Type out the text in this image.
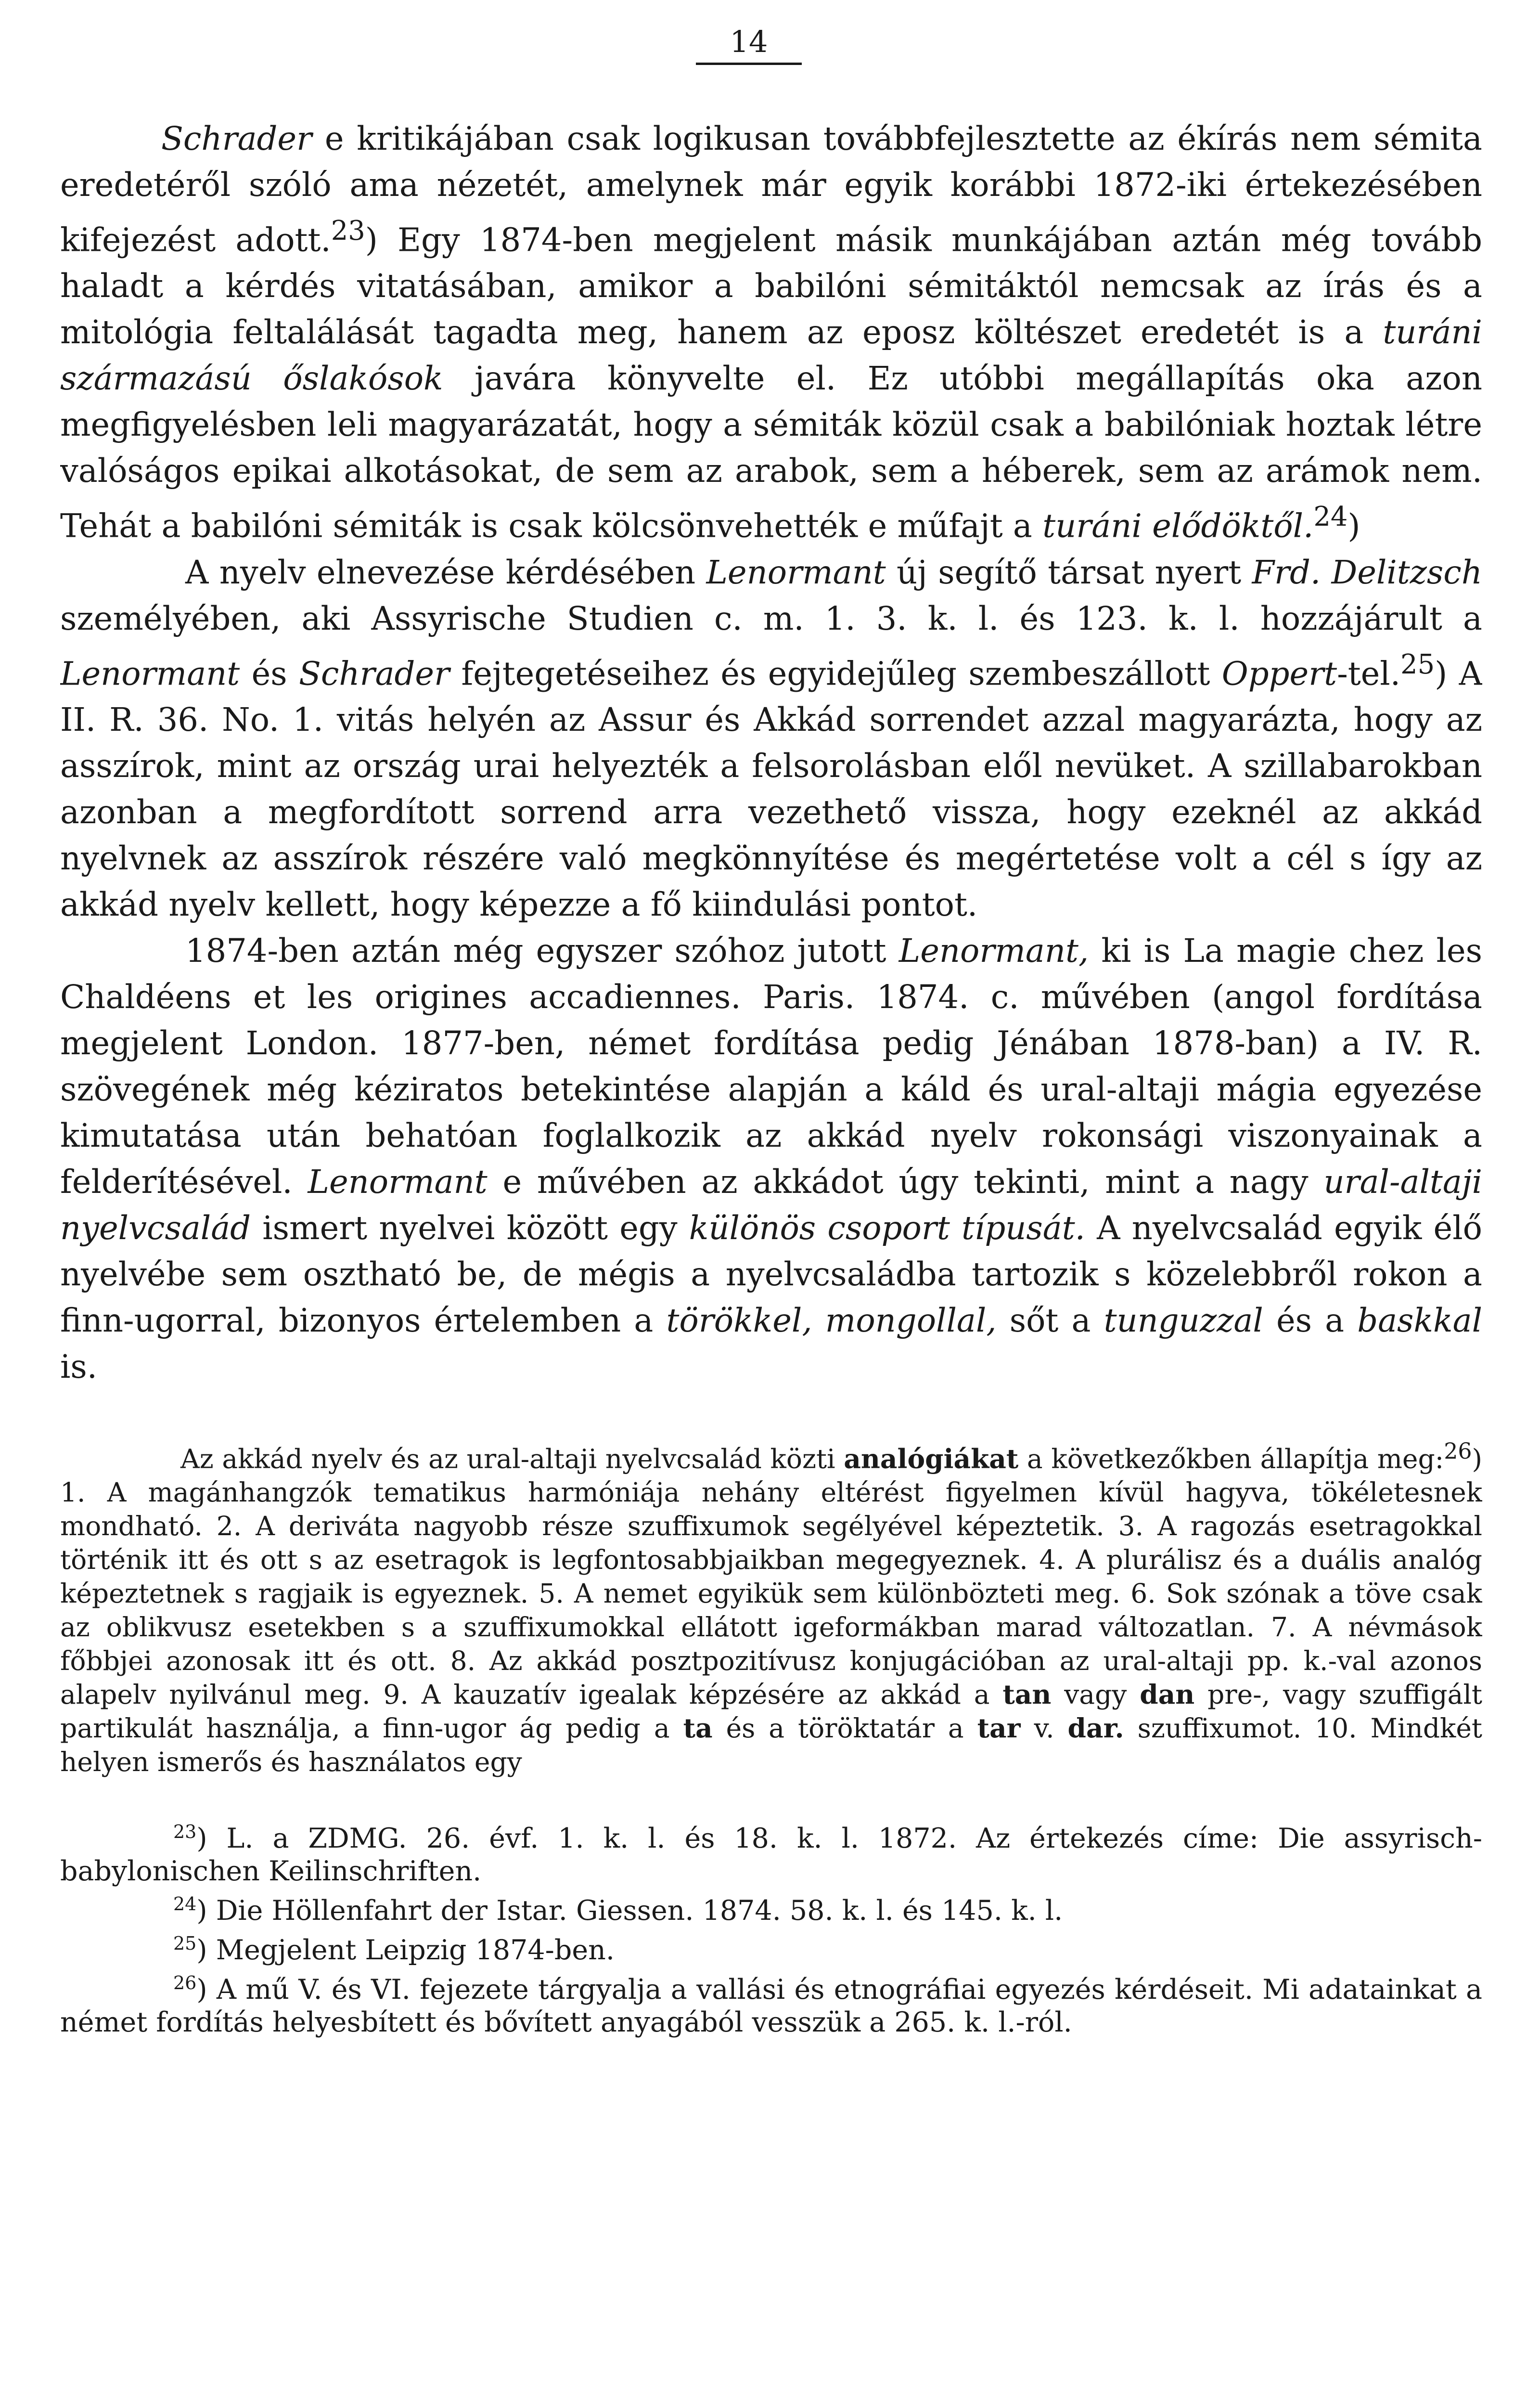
14

Schrader e kritikájában csak logikusan továbbfejlesztette az ékírás nem sémita eredetéről szóló ama nézetét, amelynek már egyik korábbi 1872-iki értekezésében kifejezést adott.$^{23}$) Egy 1874-ben megjelent másik munkájában aztán még tovább haladt a kérdés vitatásában, amikor a babilóni sémitáktól nemcsak az írás és a mitológia feltalálását tagadta meg, hanem az eposz költészet eredetét is a turáni származású őslakósok javára könyvelte el. Ez utóbbi megállapítás oka azon megfigyelésben leli magyarázatát, hogy a sémiták közül csak a babilóniak hoztak létre valóságos epikai alkotásokat, de sem az arabok, sem a héberek, sem az arámok nem. Tehát a babilóni sémiták is csak kölcsönvehették e műfajt a turáni elődöktől.$^{24}$)

A nyelv elnevezése kérdésében Lenormant új segítő társat nyert Frd. Delitzsch személyében, aki Assyrische Studien c. m. 1. 3. k. l. és 123. k. l. hozzájárult a Lenormant és Schrader fejtegetéseihez és egyidejűleg szembeszállott Oppert-tel.$^{25}$) A II. R. 36. No. 1. vitás helyén az Assur és Akkád sorrendet azzal magyarázta, hogy az asszírok, mint az ország urai helyezték a felsorolásban elől nevüket. A szillabarokban azonban a megfordított sorrend arra vezethető vissza, hogy ezeknél az akkád nyelvnek az asszírok részére való megkönnyítése és megértetése volt a cél s így az akkád nyelv kellett, hogy képezze a fő kiindulási pontot.

1874-ben aztán még egyszer szóhoz jutott Lenormant, ki is La magie chez les Chaldéens et les origines accadiennes. Paris. 1874. c. művében (angol fordítása megjelent London. 1877-ben, német fordítása pedig Jénában 1878-ban) a IV. R. szövegének még kéziratos betekintése alapján a káld és ural-altaji mágia egyezése kimutatása után behatóan foglalkozik az akkád nyelv rokonsági viszonyainak a felderítésével. Lenormant e művében az akkádot úgy tekinti, mint a nagy ural-altaji nyelvcsalád ismert nyelvei között egy különös csoport típusát. A nyelvcsalád egyik élő nyelvébe sem osztható be, de mégis a nyelvcsaládba tartozik s közelebbről rokon a finn-ugorral, bizonyos értelemben a törökkel, mongollal, sőt a tunguzzal és a baskkal is.

Az akkád nyelv és az ural-altaji nyelvcsalád közti analógiákat a következőkben állapítja meg:$^{26}$) 1. A magánhangzók tematikus harmóniája nehány eltérést figyelmen kívül hagyva, tökéletesnek mondható. 2. A deriváta nagyobb része szuffixumok segélyével képeztetik. 3. A ragozás esetragokkal történik itt és ott s az esetragok is legfontosabbjaikban megegyeznek. 4. A plurálisz és a duális analóg képeztetnek s ragjaik is egyeznek. 5. A nemet egyikük sem különbözteti meg. 6. Sok szónak a töve csak az oblikvusz esetekben s a szuffixumokkal ellátott igeformákban marad változatlan. 7. A névmások főbbjei azonosak itt és ott. 8. Az akkád posztpozitívusz konjugációban az ural-altaji pp. k.-val azonos alapelv nyilvánul meg. 9. A kauzatív igealak képzésére az akkád a tan vagy dan pre-, vagy szuffigált partikulát használja, a finn-ugor ág pedig a ta és a töröktatár a tar v. dar. szuffixumot. 10. Mindkét helyen ismerős és használatos egy

$^{23}$) L. a ZDMG. 26. évf. 1. k. l. és 18. k. l. 1872. Az értekezés címe: Die assyrisch-babylonischen Keilinschriften.

$^{24}$) Die Höllenfahrt der Istar. Giessen. 1874. 58. k. l. és 145. k. l.

$^{25}$) Megjelent Leipzig 1874-ben.

$^{26}$) A mű V. és VI. fejezete tárgyalja a vallási és etnográfiai egyezés kérdéseit. Mi adatainkat a német fordítás helyesbített és bővített anyagából vesszük a 265. k. l.-ról.
